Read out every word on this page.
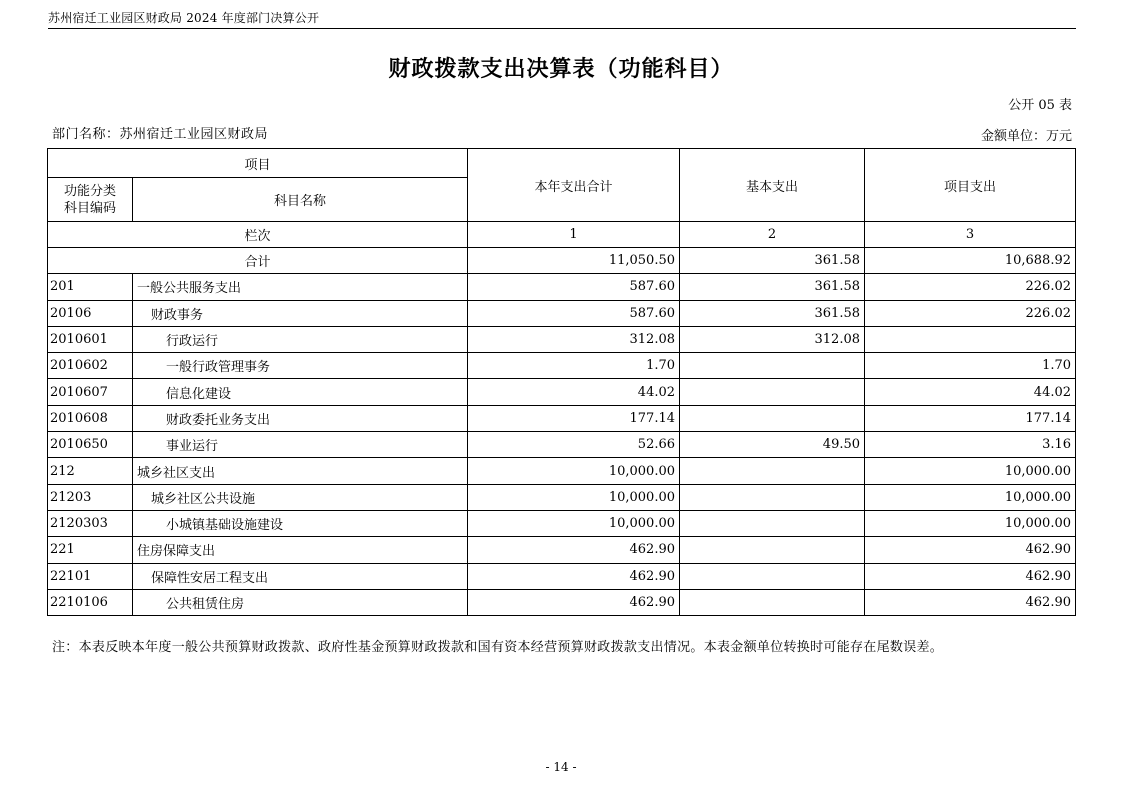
苏州宿迁工业园区财政局 2024 年度部门决算公开
财政拨款支出决算表（功能科目）
公开 05 表
部门名称：苏州宿迁工业园区财政局	金额单位：万元
项目		本年支出合计	基本支出	项目支出
功能分类
科目编码	科目名称			
栏次		1	2	3
合计		11,050.50	361.58	10,688.92
201	一般公共服务支出	587.60	361.58	226.02
20106	财政事务	587.60	361.58	226.02
2010601	行政运行	312.08	312.08	
2010602	一般行政管理事务	1.70		1.70
2010607	信息化建设	44.02		44.02
2010608	财政委托业务支出	177.14		177.14
2010650	事业运行	52.66	49.50	3.16
212	城乡社区支出	10,000.00		10,000.00
21203	城乡社区公共设施	10,000.00		10,000.00
2120303	小城镇基础设施建设	10,000.00		10,000.00
221	住房保障支出	462.90		462.90
22101	保障性安居工程支出	462.90		462.90
2210106	公共租赁住房	462.90		462.90
注：本表反映本年度一般公共预算财政拨款、政府性基金预算财政拨款和国有资本经营预算财政拨款支出情况。本表金额单位转换时可能存在尾数误差。
- 14 -
